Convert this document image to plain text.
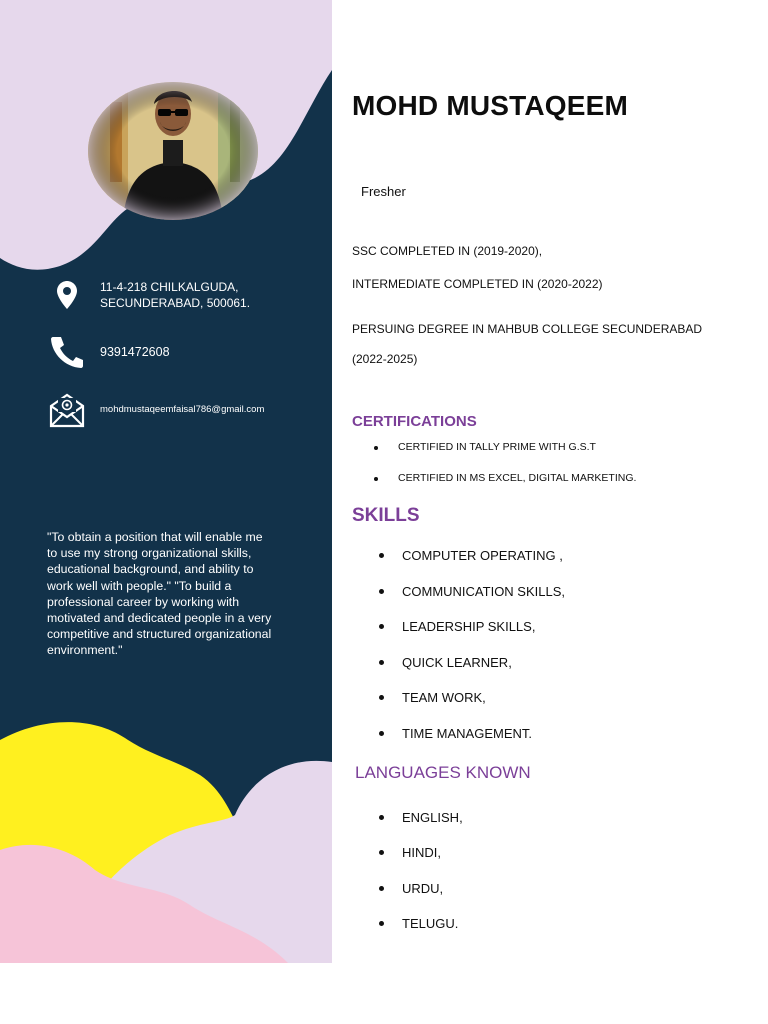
11-4-218 CHILKALGUDA,
SECUNDERABAD, 500061.
9391472608
mohdmustaqeemfaisal786@gmail.com
"To obtain a position that will enable me to use my strong organizational skills, educational background, and ability to work well with people." "To build a professional career by working with motivated and dedicated people in a very competitive and structured organizational environment."
MOHD MUSTAQEEM
Fresher
SSC COMPLETED IN (2019-2020),
INTERMEDIATE COMPLETED IN (2020-2022)
PERSUING DEGREE IN MAHBUB COLLEGE SECUNDERABAD
(2022-2025)
CERTIFICATIONS
CERTIFIED IN TALLY PRIME WITH G.S.T
CERTIFIED IN MS EXCEL, DIGITAL MARKETING.
SKILLS
COMPUTER OPERATING ,
COMMUNICATION SKILLS,
LEADERSHIP SKILLS,
QUICK LEARNER,
TEAM WORK,
TIME MANAGEMENT.
LANGUAGES KNOWN
ENGLISH,
HINDI,
URDU,
TELUGU.
